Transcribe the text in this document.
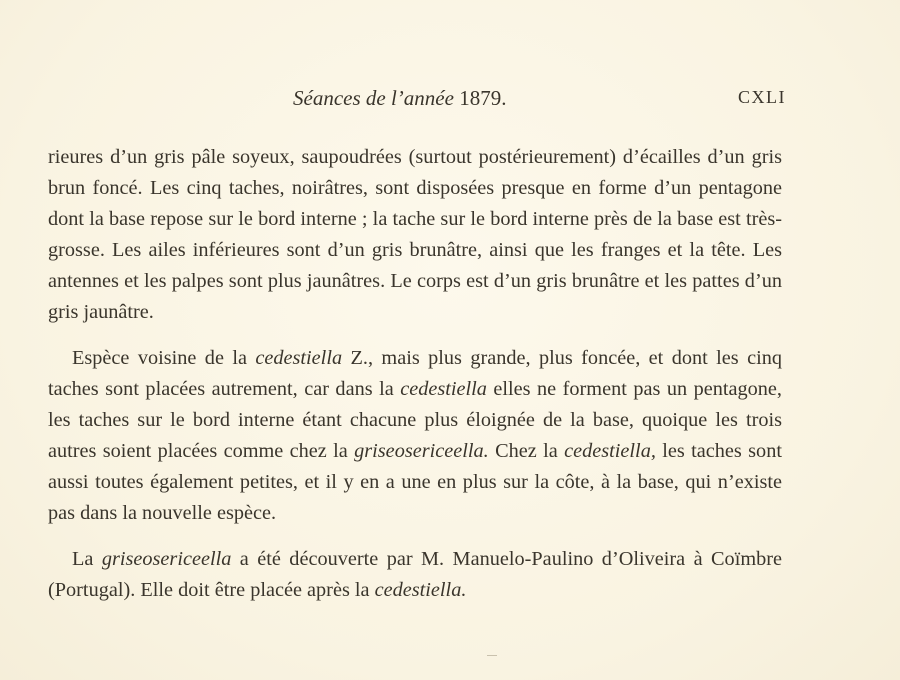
Séances de l’année 1879.	CXLI

rieures d’un gris pâle soyeux, saupoudrées (surtout postérieurement) d’écailles d’un gris brun foncé. Les cinq taches, noirâtres, sont disposées presque en forme d’un pentagone dont la base repose sur le bord interne ; la tache sur le bord interne près de la base est très-grosse. Les ailes inférieures sont d’un gris brunâtre, ainsi que les franges et la tête. Les antennes et les palpes sont plus jaunâtres. Le corps est d’un gris brunâtre et les pattes d’un gris jaunâtre.

Espèce voisine de la cedestiella Z., mais plus grande, plus foncée, et dont les cinq taches sont placées autrement, car dans la cedestiella elles ne forment pas un pentagone, les taches sur le bord interne étant chacune plus éloignée de la base, quoique les trois autres soient placées comme chez la griseosericeella. Chez la cedestiella, les taches sont aussi toutes également petites, et il y en a une en plus sur la côte, à la base, qui n’existe pas dans la nouvelle espèce.

La griseosericeella a été découverte par M. Manuelo-Paulino d’Oliveira à Coïmbre (Portugal). Elle doit être placée après la cedestiella.
